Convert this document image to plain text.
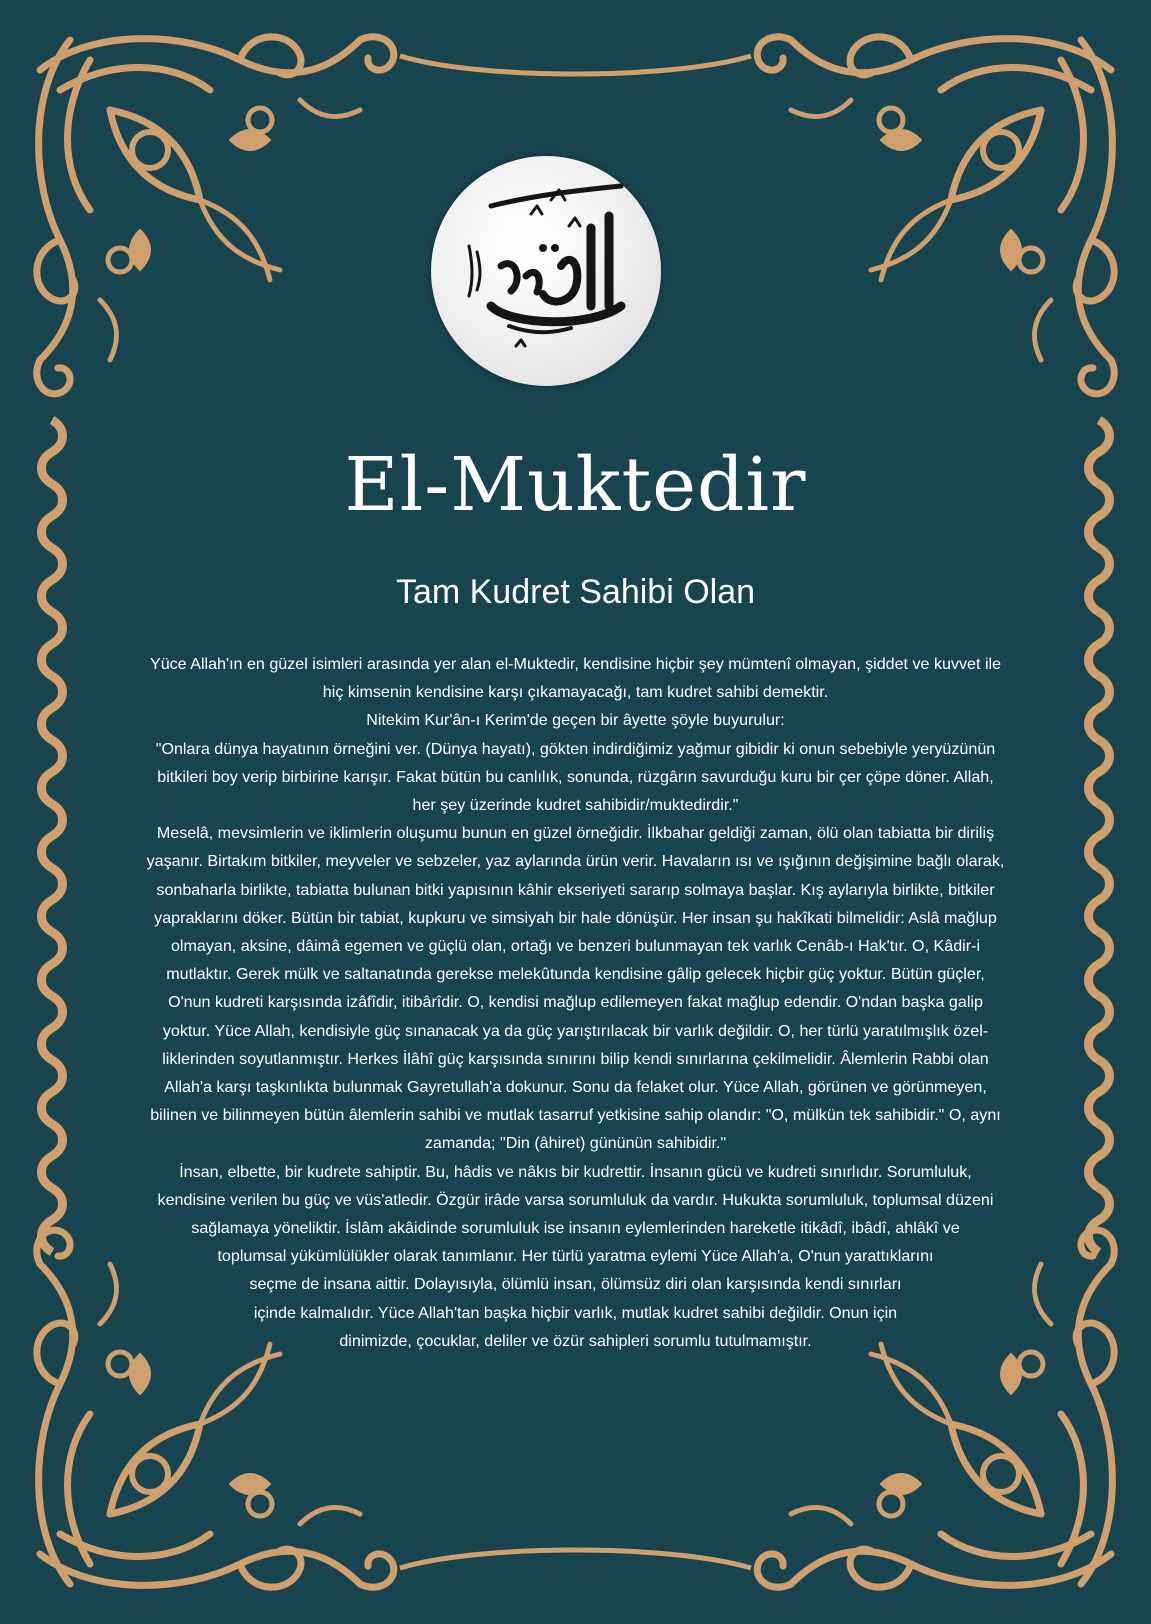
El-Muktedir
Tam Kudret Sahibi Olan
Yüce Allah'ın en güzel isimleri arasında yer alan el-Muktedir, kendisine hiçbir şey mümtenî olmayan, şiddet ve kuvvet ile
hiç kimsenin kendisine karşı çıkamayacağı, tam kudret sahibi demektir.
Nitekim Kur'ân-ı Kerim'de geçen bir âyette şöyle buyurulur:
"Onlara dünya hayatının örneğini ver. (Dünya hayatı), gökten indirdiğimiz yağmur gibidir ki onun sebebiyle yeryüzünün
bitkileri boy verip birbirine karışır. Fakat bütün bu canlılık, sonunda, rüzgârın savurduğu kuru bir çer çöpe döner. Allah,
her şey üzerinde kudret sahibidir/muktedirdir."
Meselâ, mevsimlerin ve iklimlerin oluşumu bunun en güzel örneğidir. İlkbahar geldiği zaman, ölü olan tabiatta bir diriliş
yaşanır. Birtakım bitkiler, meyveler ve sebzeler, yaz aylarında ürün verir. Havaların ısı ve ışığının değişimine bağlı olarak,
sonbaharla birlikte, tabiatta bulunan bitki yapısının kâhir ekseriyeti sararıp solmaya başlar. Kış aylarıyla birlikte, bitkiler
yapraklarını döker. Bütün bir tabiat, kupkuru ve simsiyah bir hale dönüşür. Her insan şu hakîkati bilmelidir: Aslâ mağlup
olmayan, aksine, dâimâ egemen ve güçlü olan, ortağı ve benzeri bulunmayan tek varlık Cenâb-ı Hak'tır. O, Kâdir-i
mutlaktır. Gerek mülk ve saltanatında gerekse melekûtunda kendisine gâlip gelecek hiçbir güç yoktur. Bütün güçler,
O'nun kudreti karşısında izâfîdir, itibârîdir. O, kendisi mağlup edilemeyen fakat mağlup edendir. O'ndan başka galip
yoktur. Yüce Allah, kendisiyle güç sınanacak ya da güç yarıştırılacak bir varlık değildir. O, her türlü yaratılmışlık özel-
liklerinden soyutlanmıştır. Herkes İlâhî güç karşısında sınırını bilip kendi sınırlarına çekilmelidir. Âlemlerin Rabbi olan
Allah'a karşı taşkınlıkta bulunmak Gayretullah'a dokunur. Sonu da felaket olur. Yüce Allah, görünen ve görünmeyen,
bilinen ve bilinmeyen bütün âlemlerin sahibi ve mutlak tasarruf yetkisine sahip olandır: "O, mülkün tek sahibidir." O, aynı
zamanda; "Din (âhiret) gününün sahibidir."
İnsan, elbette, bir kudrete sahiptir. Bu, hâdis ve nâkıs bir kudrettir. İnsanın gücü ve kudreti sınırlıdır. Sorumluluk,
kendisine verilen bu güç ve vüs'atledir. Özgür irâde varsa sorumluluk da vardır. Hukukta sorumluluk, toplumsal düzeni
sağlamaya yöneliktir. İslâm akâidinde sorumluluk ise insanın eylemlerinden hareketle itikâdî, ibâdî, ahlâkî ve
toplumsal yükümlülükler olarak tanımlanır. Her türlü yaratma eylemi Yüce Allah'a, O'nun yarattıklarını
seçme de insana aittir. Dolayısıyla, ölümlü insan, ölümsüz diri olan karşısında kendi sınırları
içinde kalmalıdır. Yüce Allah'tan başka hiçbir varlık, mutlak kudret sahibi değildir. Onun için
dinimizde, çocuklar, deliler ve özür sahipleri sorumlu tutulmamıştır.
